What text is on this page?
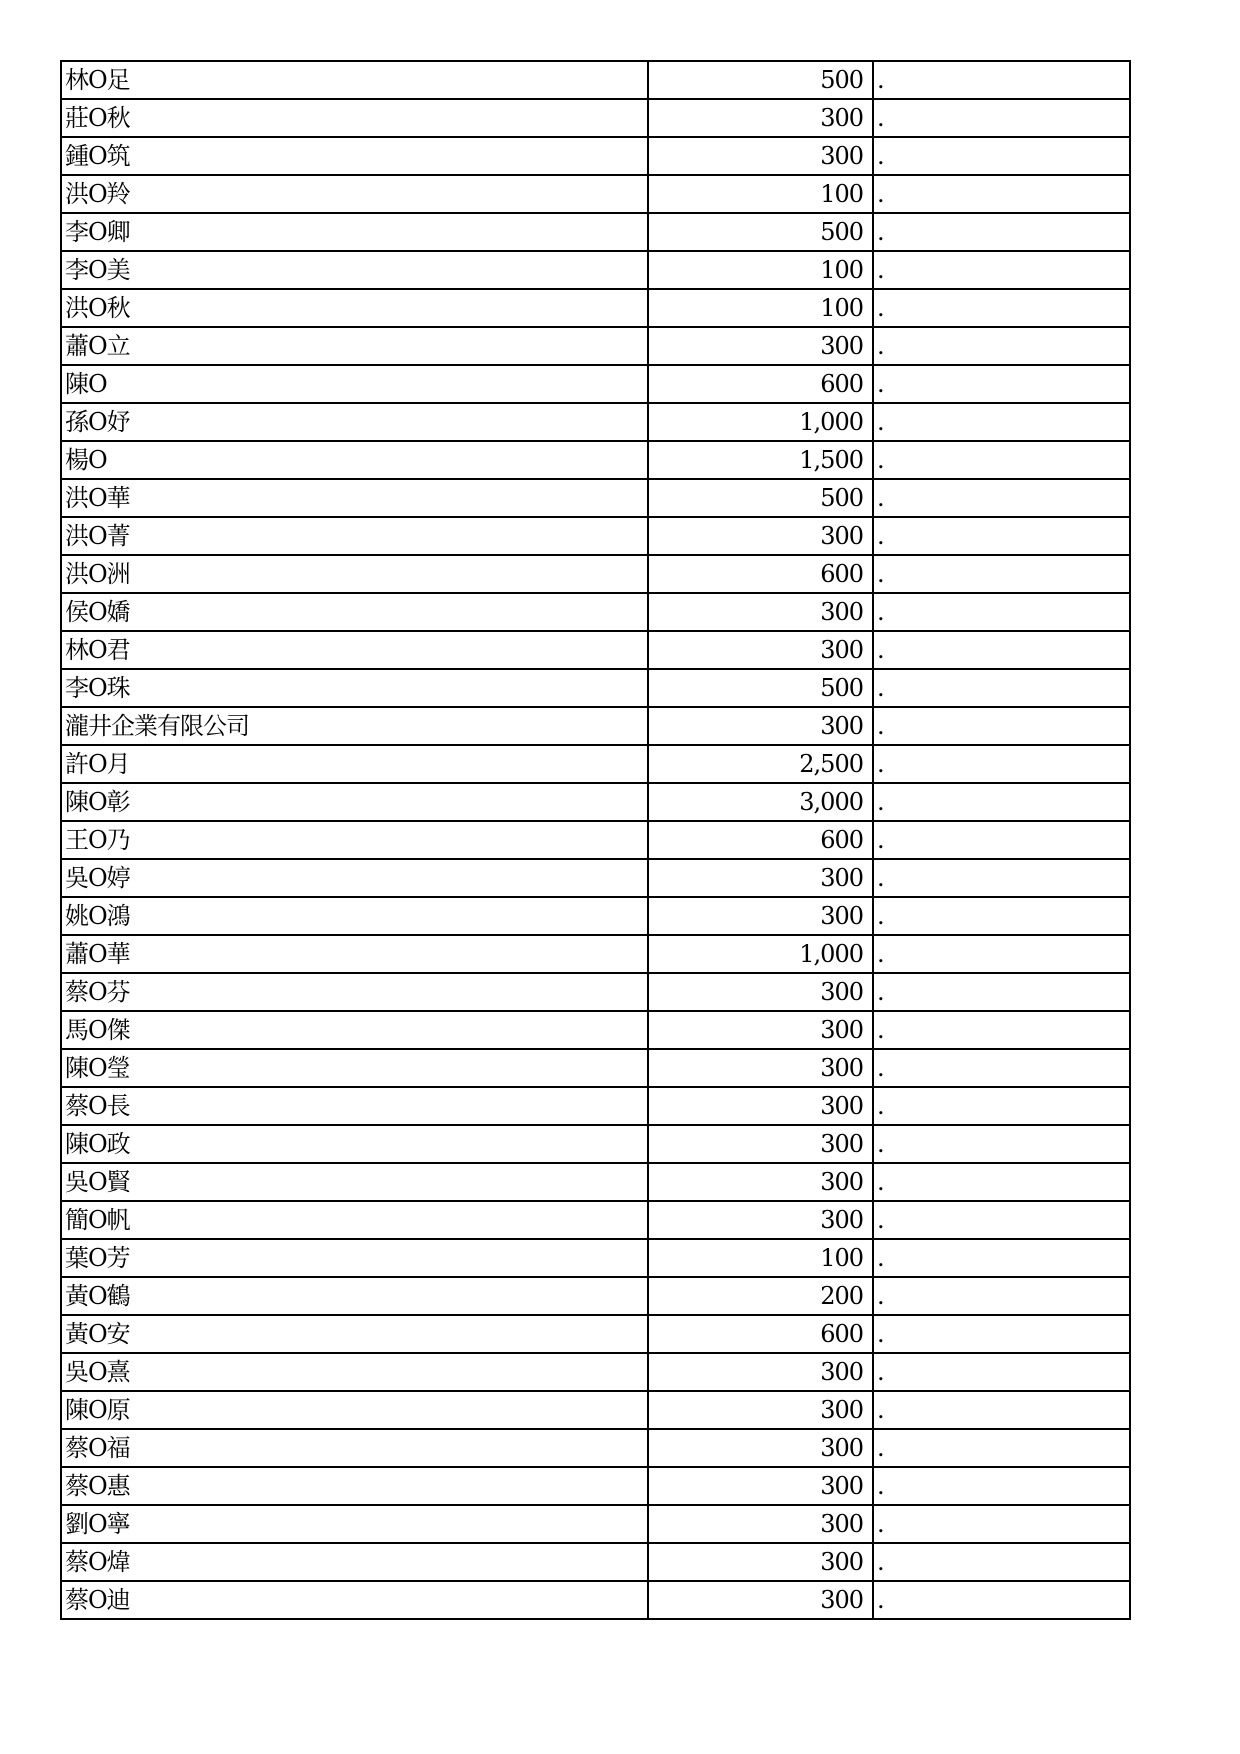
林O足	500	.
莊O秋	300	.
鍾O筑	300	.
洪O羚	100	.
李O卿	500	.
李O美	100	.
洪O秋	100	.
蕭O立	300	.
陳O	600	.
孫O妤	1,000	.
楊O	1,500	.
洪O華	500	.
洪O菁	300	.
洪O洲	600	.
侯O嬌	300	.
林O君	300	.
李O珠	500	.
瀧井企業有限公司	300	.
許O月	2,500	.
陳O彰	3,000	.
王O乃	600	.
吳O婷	300	.
姚O鴻	300	.
蕭O華	1,000	.
蔡O芬	300	.
馬O傑	300	.
陳O瑩	300	.
蔡O長	300	.
陳O政	300	.
吳O賢	300	.
簡O帆	300	.
葉O芳	100	.
黃O鶴	200	.
黃O安	600	.
吳O熹	300	.
陳O原	300	.
蔡O福	300	.
蔡O惠	300	.
劉O寧	300	.
蔡O煒	300	.
蔡O迪	300	.
